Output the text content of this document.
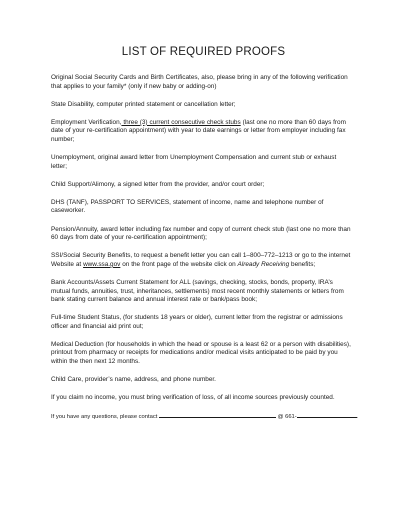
LIST OF REQUIRED PROOFS

Original Social Security Cards and Birth Certificates, also, please bring in any of the following verification that applies to your family* (only if new baby or adding-on)

State Disability, computer printed statement or cancellation letter;

Employment Verification, three (3) current consecutive check stubs (last one no more than 60 days from date of your re-certification appointment) with year to date earnings or letter from employer including fax number;

Unemployment, original award letter from Unemployment Compensation and current stub or exhaust letter;

Child Support/Alimony, a signed letter from the provider, and/or court order;

DHS (TANF), PASSPORT TO SERVICES, statement of income, name and telephone number of caseworker.

Pension/Annuity, award letter including fax number and copy of current check stub (last one no more than 60 days from date of your re-certification appointment);

SSI/Social Security Benefits, to request a benefit letter you can call 1–800–772–1213 or go to the internet Website at www.ssa.gov on the front page of the website click on Already Receiving benefits;

Bank Accounts/Assets Current Statement for ALL (savings, checking, stocks, bonds, property, IRA’s mutual funds, annuities, trust, inheritances, settlements) most recent monthly statements or letters from bank stating current balance and annual interest rate or bank/pass book;

Full-time Student Status, (for students 18 years or older), current letter from the registrar or admissions officer and financial aid print out;

Medical Deduction (for households in which the head or spouse is a least 62 or a person with disabilities), printout from pharmacy or receipts for medications and/or medical visits anticipated to be paid by you within the then next 12 months.

Child Care, provider’s name, address, and phone number.

If you claim no income, you must bring verification of loss, of all income sources previously counted.

If you have any questions, please contact	@ 661-	.
